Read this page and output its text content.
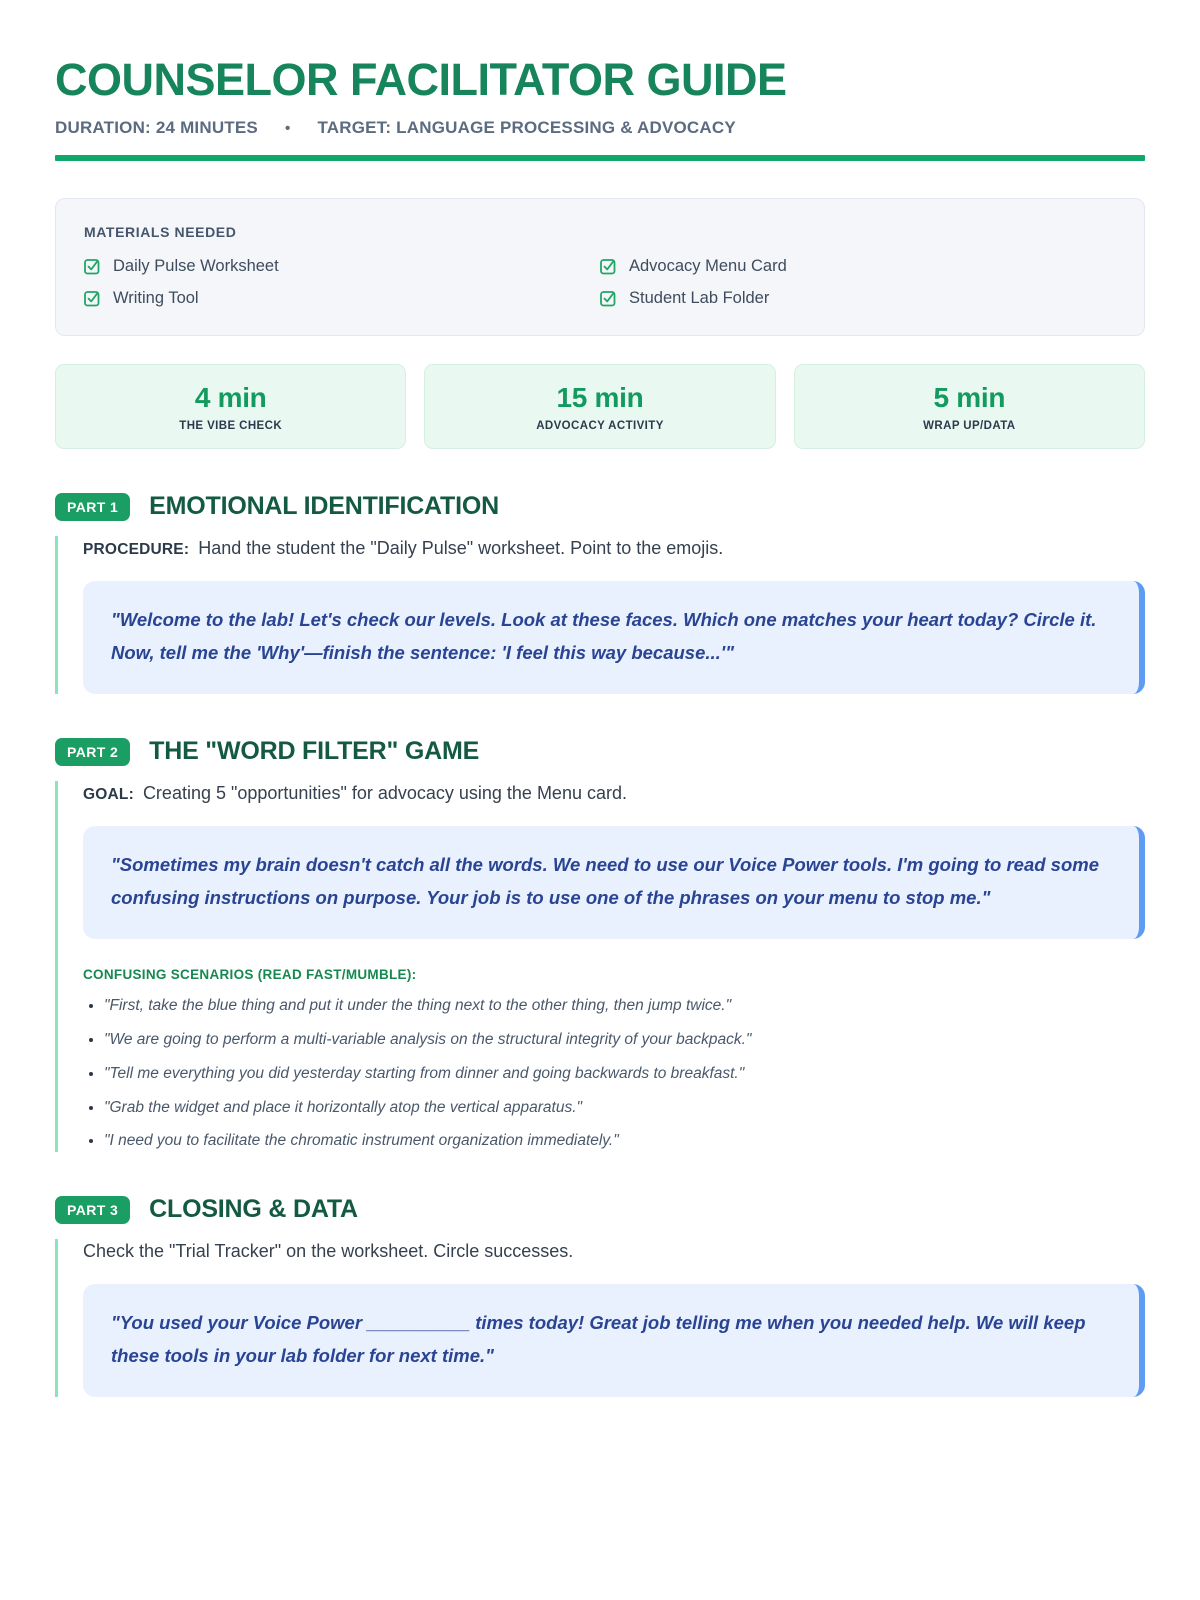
COUNSELOR FACILITATOR GUIDE
DURATION: 24 MINUTES • TARGET: LANGUAGE PROCESSING & ADVOCACY
MATERIALS NEEDED
Daily Pulse Worksheet
Writing Tool
Advocacy Menu Card
Student Lab Folder
4 min
THE VIBE CHECK
15 min
ADVOCACY ACTIVITY
5 min
WRAP UP/DATA
PART 1	EMOTIONAL IDENTIFICATION
PROCEDURE: Hand the student the "Daily Pulse" worksheet. Point to the emojis.
"Welcome to the lab! Let's check our levels. Look at these faces. Which one matches your heart today? Circle it. Now, tell me the 'Why'—finish the sentence: 'I feel this way because...'"
PART 2	THE "WORD FILTER" GAME
GOAL: Creating 5 "opportunities" for advocacy using the Menu card.
"Sometimes my brain doesn't catch all the words. We need to use our Voice Power tools. I'm going to read some confusing instructions on purpose. Your job is to use one of the phrases on your menu to stop me."
CONFUSING SCENARIOS (READ FAST/MUMBLE):
• "First, take the blue thing and put it under the thing next to the other thing, then jump twice."
• "We are going to perform a multi-variable analysis on the structural integrity of your backpack."
• "Tell me everything you did yesterday starting from dinner and going backwards to breakfast."
• "Grab the widget and place it horizontally atop the vertical apparatus."
• "I need you to facilitate the chromatic instrument organization immediately."
PART 3	CLOSING & DATA
Check the "Trial Tracker" on the worksheet. Circle successes.
"You used your Voice Power __________ times today! Great job telling me when you needed help. We will keep these tools in your lab folder for next time."
